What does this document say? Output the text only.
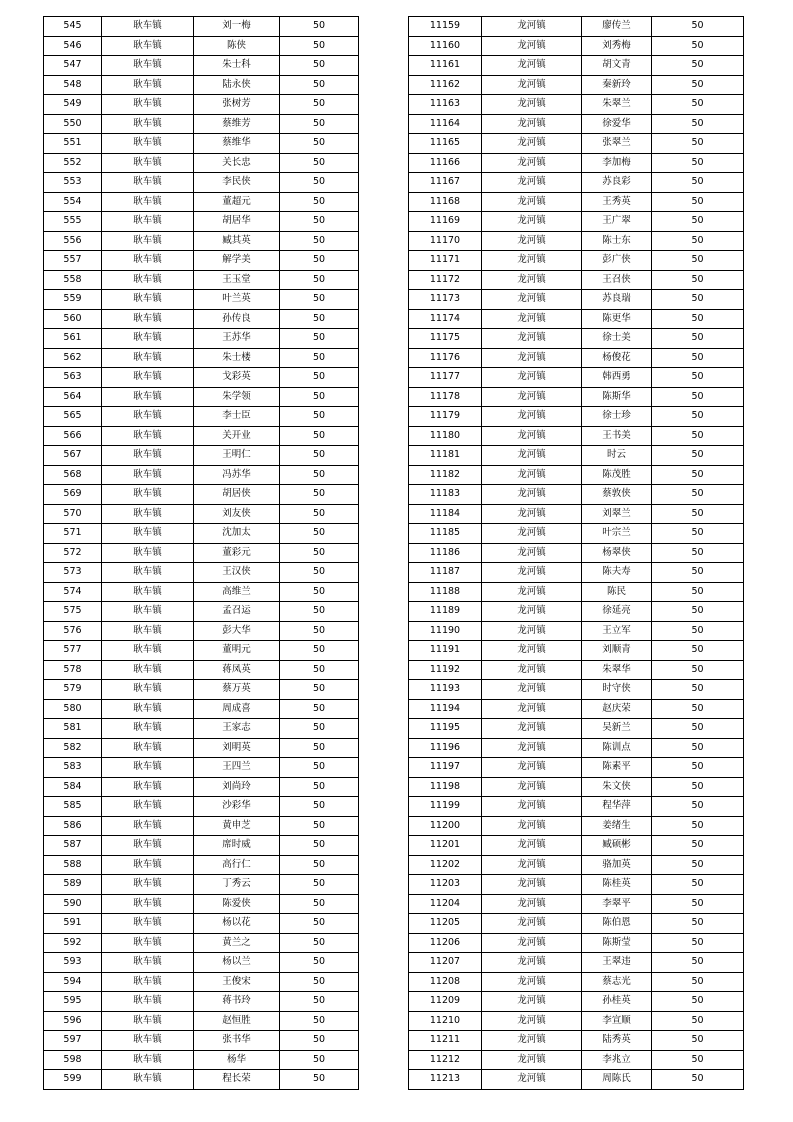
545	耿车镇	刘一梅	50
546	耿车镇	陈侠	50
547	耿车镇	朱士科	50
548	耿车镇	陆永侠	50
549	耿车镇	张树芳	50
550	耿车镇	蔡维芳	50
551	耿车镇	蔡维华	50
552	耿车镇	关长忠	50
553	耿车镇	李民侠	50
554	耿车镇	董超元	50
555	耿车镇	胡居华	50
556	耿车镇	臧其英	50
557	耿车镇	解学美	50
558	耿车镇	王玉堂	50
559	耿车镇	叶兰英	50
560	耿车镇	孙传良	50
561	耿车镇	王苏华	50
562	耿车镇	朱士楼	50
563	耿车镇	戈彩英	50
564	耿车镇	朱学领	50
565	耿车镇	李士臣	50
566	耿车镇	关开业	50
567	耿车镇	王明仁	50
568	耿车镇	冯苏华	50
569	耿车镇	胡居侠	50
570	耿车镇	刘友侠	50
571	耿车镇	沈加太	50
572	耿车镇	董彩元	50
573	耿车镇	王汉侠	50
574	耿车镇	高维兰	50
575	耿车镇	孟召运	50
576	耿车镇	彭大华	50
577	耿车镇	董明元	50
578	耿车镇	蒋凤英	50
579	耿车镇	蔡万英	50
580	耿车镇	周成喜	50
581	耿车镇	王家志	50
582	耿车镇	刘明英	50
583	耿车镇	王四兰	50
584	耿车镇	刘尚玲	50
585	耿车镇	沙彩华	50
586	耿车镇	黄申芝	50
587	耿车镇	席时威	50
588	耿车镇	高行仁	50
589	耿车镇	丁秀云	50
590	耿车镇	陈爱侠	50
591	耿车镇	杨以花	50
592	耿车镇	黄兰之	50
593	耿车镇	杨以兰	50
594	耿车镇	王俊宋	50
595	耿车镇	蒋书玲	50
596	耿车镇	赵恒胜	50
597	耿车镇	张书华	50
598	耿车镇	杨华	50
599	耿车镇	程长荣	50
11159	龙河镇	廖传兰	50
11160	龙河镇	刘秀梅	50
11161	龙河镇	胡文青	50
11162	龙河镇	秦新玲	50
11163	龙河镇	朱翠兰	50
11164	龙河镇	徐爱华	50
11165	龙河镇	张翠兰	50
11166	龙河镇	李加梅	50
11167	龙河镇	苏良彩	50
11168	龙河镇	王秀英	50
11169	龙河镇	王广翠	50
11170	龙河镇	陈士东	50
11171	龙河镇	彭广侠	50
11172	龙河镇	王召侠	50
11173	龙河镇	苏良瑞	50
11174	龙河镇	陈更华	50
11175	龙河镇	徐士美	50
11176	龙河镇	杨俊花	50
11177	龙河镇	韩西勇	50
11178	龙河镇	陈斯华	50
11179	龙河镇	徐士珍	50
11180	龙河镇	王书美	50
11181	龙河镇	时云	50
11182	龙河镇	陈茂胜	50
11183	龙河镇	蔡敦侠	50
11184	龙河镇	刘翠兰	50
11185	龙河镇	叶宗兰	50
11186	龙河镇	杨翠侠	50
11187	龙河镇	陈夫寿	50
11188	龙河镇	陈民	50
11189	龙河镇	徐延亮	50
11190	龙河镇	王立军	50
11191	龙河镇	刘顺青	50
11192	龙河镇	朱翠华	50
11193	龙河镇	时守侠	50
11194	龙河镇	赵庆荣	50
11195	龙河镇	吴新兰	50
11196	龙河镇	陈训点	50
11197	龙河镇	陈素平	50
11198	龙河镇	朱文侠	50
11199	龙河镇	程华萍	50
11200	龙河镇	姜绪生	50
11201	龙河镇	臧硕彬	50
11202	龙河镇	骆加英	50
11203	龙河镇	陈桂英	50
11204	龙河镇	李翠平	50
11205	龙河镇	陈伯恩	50
11206	龙河镇	陈斯莹	50
11207	龙河镇	王翠违	50
11208	龙河镇	蔡志光	50
11209	龙河镇	孙桂英	50
11210	龙河镇	李宣顺	50
11211	龙河镇	陆秀英	50
11212	龙河镇	李兆立	50
11213	龙河镇	周陈氏	50
